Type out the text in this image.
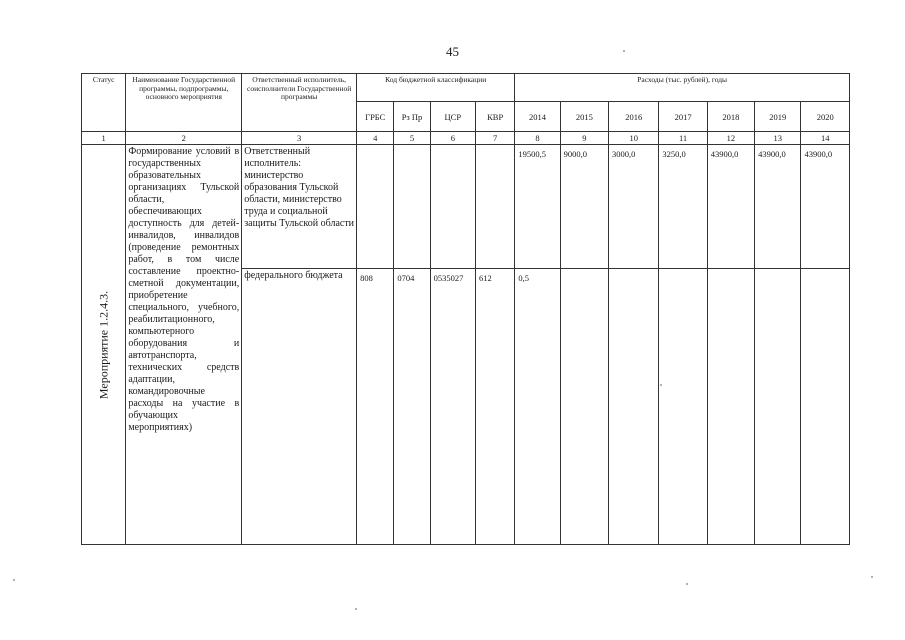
45
Статус	Наименование Государственной программы, подпрограммы, основного мероприятия	Ответственный исполнитель, соисполнители Государственной программы	Код бюджетной классификации				Расходы (тыс. рублей), годы						
			ГРБС	Рз Пр	ЦСР	КВР	2014	2015	2016	2017	2018	2019	2020
1	2	3	4	5	6	7	8	9	10	11	12	13	14

Мероприятие 1.2.4.3.	Формирование условий в государственных образовательных организациях Тульской области, обеспечивающих доступность для детей-инвалидов, инвалидов (проведение ремонтных работ, в том числе составление проектно-сметной документации, приобретение специального, учебного, реабилитационного, компьютерного оборудования и автотранспорта, технических средств адаптации, командировочные расходы на участие в обучающих мероприятиях)	Ответственный исполнитель: министерство образования Тульской области, министерство труда и социальной защиты Тульской области					19500,5	9000,0	3000,0	3250,0	43900,0	43900,0	43900,0
		федерального бюджета	808	0704	0535027	612	0,5						
